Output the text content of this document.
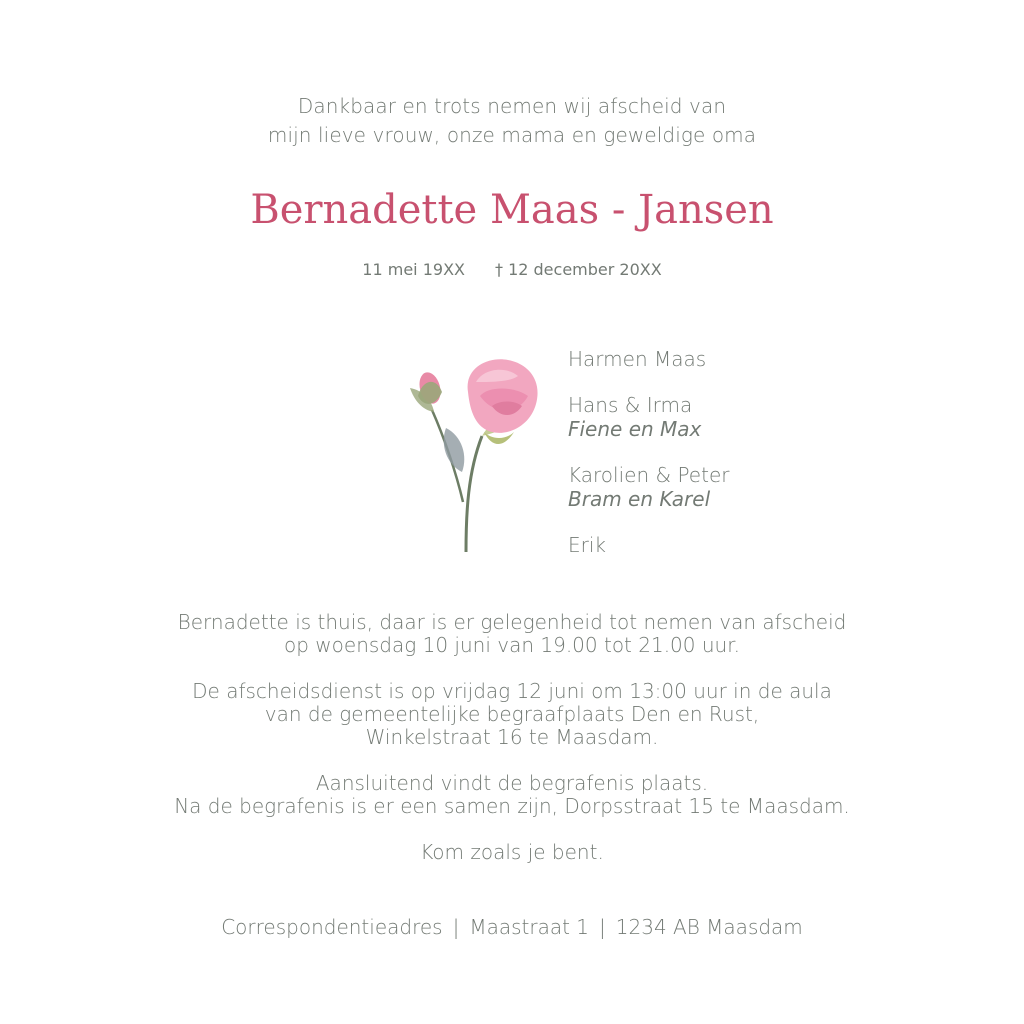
Dankbaar en trots nemen wij afscheid van
mijn lieve vrouw, onze mama en geweldige oma
Bernadette Maas - Jansen
11 mei 19XX † 12 december 20XX
Harmen Maas
Hans & Irma
Fiene en Max
Karolien & Peter
Bram en Karel
Erik
Bernadette is thuis, daar is er gelegenheid tot nemen van afscheid
op woensdag 10 juni van 19.00 tot 21.00 uur.
De afscheidsdienst is op vrijdag 12 juni om 13:00 uur in de aula
van de gemeentelijke begraafplaats Den en Rust,
Winkelstraat 16 te Maasdam.
Aansluitend vindt de begrafenis plaats.
Na de begrafenis is er een samen zijn, Dorpsstraat 15 te Maasdam.
Kom zoals je bent.
Correspondentieadres | Maastraat 1 | 1234 AB Maasdam
